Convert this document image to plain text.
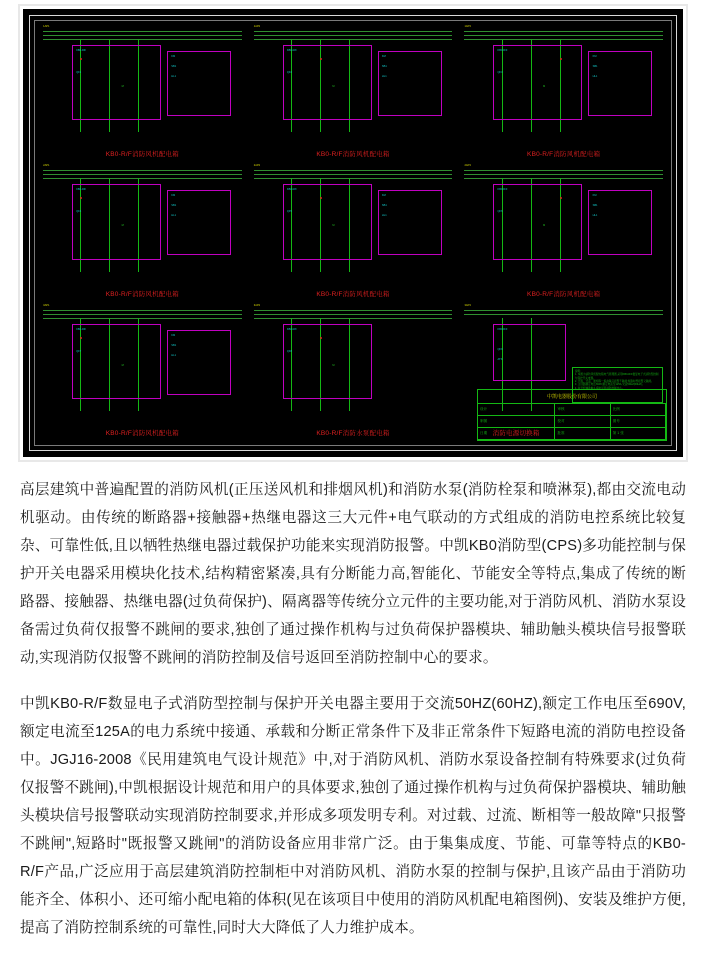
1AP1
KB0-R/F
QF1
M
KM
SB1
HL1
KB0-R/F消防风机配电箱
1AP2
KB0-R/F
QF2
M
KM
SB1
HL1
KB0-R/F消防风机配电箱
1AP3
KB0-R/F
QF3
M
KM
SB1
HL1
KB0-R/F消防风机配电箱
2AP1
KB0-R/F
QF4
M
KM
SB1
HL1
KB0-R/F消防风机配电箱
2AP2
KB0-R/F
QF5
M
KM
SB1
HL1
KB0-R/F消防风机配电箱
2AP3
KB0-R/F
QF6
M
KM
SB1
HL1
KB0-R/F消防风机配电箱
3AP1
KB0-R/F
QF7
M
KM
SB1
HL1
KB0-R/F消防风机配电箱
3AP2
KB0-R/F
QF8
M
KB0-R/F消防水泵配电箱
3AP3
KB0-R/F
QF9
ATS
说明:
1. 本图为消防风机配电箱电气原理图,采用KB0-R/F数显电子式消防型控制与保护开关电器。
2. 过载、过流、断相等一般故障只报警不跳闸;短路时既报警又跳闸。
3. 主回路额定电压690V,额定电流至125A,交流50HZ(60HZ)。
4. 信号经辅助触头模块返回消防控制中心。
消防电源切换箱
中凯电器股份有限公司
设计	审核	比例
制图	校对	图号
日期	批准	第 1 张

高层建筑中普遍配置的消防风机(正压送风机和排烟风机)和消防水泵(消防栓泵和喷淋泵),都由交流电动机驱动。由传统的断路器+接触器+热继电器这三大元件+电气联动的方式组成的消防电控系统比较复杂、可靠性低,且以牺牲热继电器过载保护功能来实现消防报警。中凯KB0消防型(CPS)多功能控制与保护开关电器采用模块化技术,结构精密紧凑,具有分断能力高,智能化、节能安全等特点,集成了传统的断路器、接触器、热继电器(过负荷保护)、隔离器等传统分立元件的主要功能,对于消防风机、消防水泵设备需过负荷仅报警不跳闸的要求,独创了通过操作机构与过负荷保护器模块、辅助触头模块信号报警联动,实现消防仅报警不跳闸的消防控制及信号返回至消防控制中心的要求。

中凯KB0-R/F数显电子式消防型控制与保护开关电器主要用于交流50HZ(60HZ),额定工作电压至690V,额定电流至125A的电力系统中接通、承载和分断正常条件下及非正常条件下短路电流的消防电控设备中。JGJ16-2008《民用建筑电气设计规范》中,对于消防风机、消防水泵设备控制有特殊要求(过负荷仅报警不跳闸),中凯根据设计规范和用户的具体要求,独创了通过操作机构与过负荷保护器模块、辅助触头模块信号报警联动实现消防控制要求,并形成多项发明专利。对过载、过流、断相等一般故障"只报警不跳闸",短路时"既报警又跳闸"的消防设备应用非常广泛。由于集集成度、节能、可靠等特点的KB0-R/F产品,广泛应用于高层建筑消防控制柜中对消防风机、消防水泵的控制与保护,且该产品由于消防功能齐全、体积小、还可缩小配电箱的体积(见在该项目中使用的消防风机配电箱图例)、安装及维护方便,提高了消防控制系统的可靠性,同时大大降低了人力维护成本。
